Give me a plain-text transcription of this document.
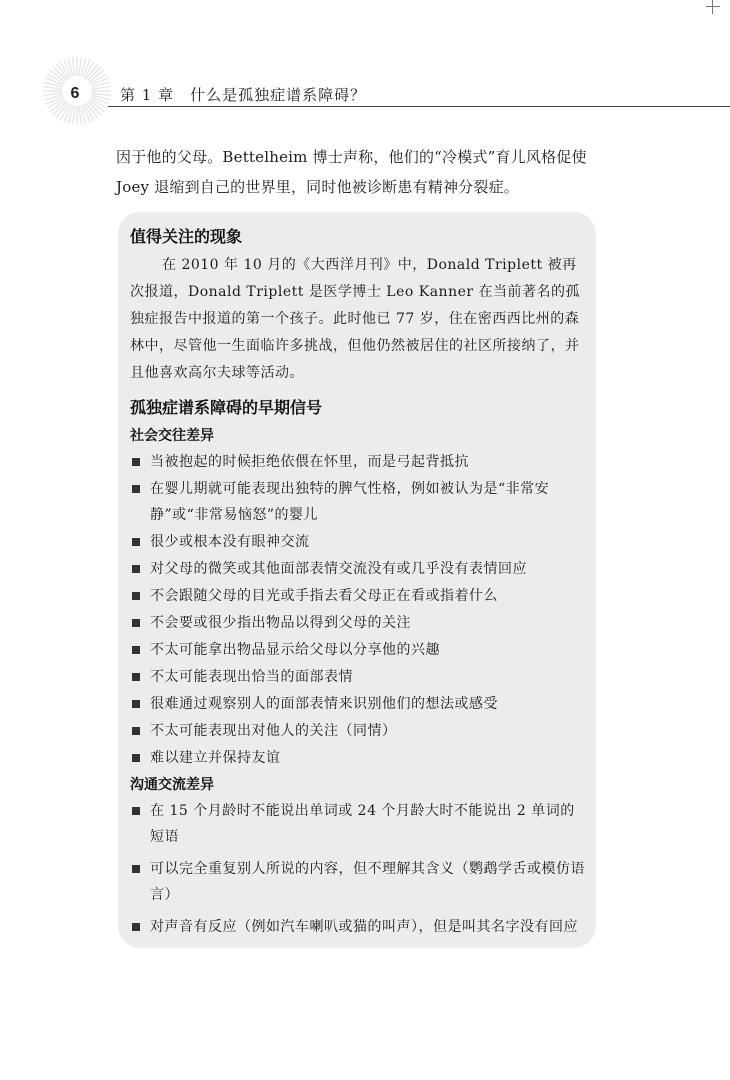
6	第 1 章　什么是孤独症谱系障碍？

因于他的父母。Bettelheim 博士声称，他们的“冷模式”育儿风格促使 Joey 退缩到自己的世界里，同时他被诊断患有精神分裂症。

值得关注的现象

在 2010 年 10 月的《大西洋月刊》中，Donald Triplett 被再次报道，Donald Triplett 是医学博士 Leo Kanner 在当前著名的孤独症报告中报道的第一个孩子。此时他已 77 岁，住在密西西比州的森林中，尽管他一生面临许多挑战，但他仍然被居住的社区所接纳了，并且他喜欢高尔夫球等活动。

孤独症谱系障碍的早期信号
社会交往差异
当被抱起的时候拒绝依偎在怀里，而是弓起背抵抗
在婴儿期就可能表现出独特的脾气性格，例如被认为是“非常安静”或“非常易恼怒”的婴儿
很少或根本没有眼神交流
对父母的微笑或其他面部表情交流没有或几乎没有表情回应
不会跟随父母的目光或手指去看父母正在看或指着什么
不会要或很少指出物品以得到父母的关注
不太可能拿出物品显示给父母以分享他的兴趣
不太可能表现出恰当的面部表情
很难通过观察别人的面部表情来识别他们的想法或感受
不太可能表现出对他人的关注（同情）
难以建立并保持友谊
沟通交流差异
在 15 个月龄时不能说出单词或 24 个月龄大时不能说出 2 单词的短语
可以完全重复别人所说的内容，但不理解其含义（鹦鹉学舌或模仿语言）
对声音有反应（例如汽车喇叭或猫的叫声），但是叫其名字没有回应
